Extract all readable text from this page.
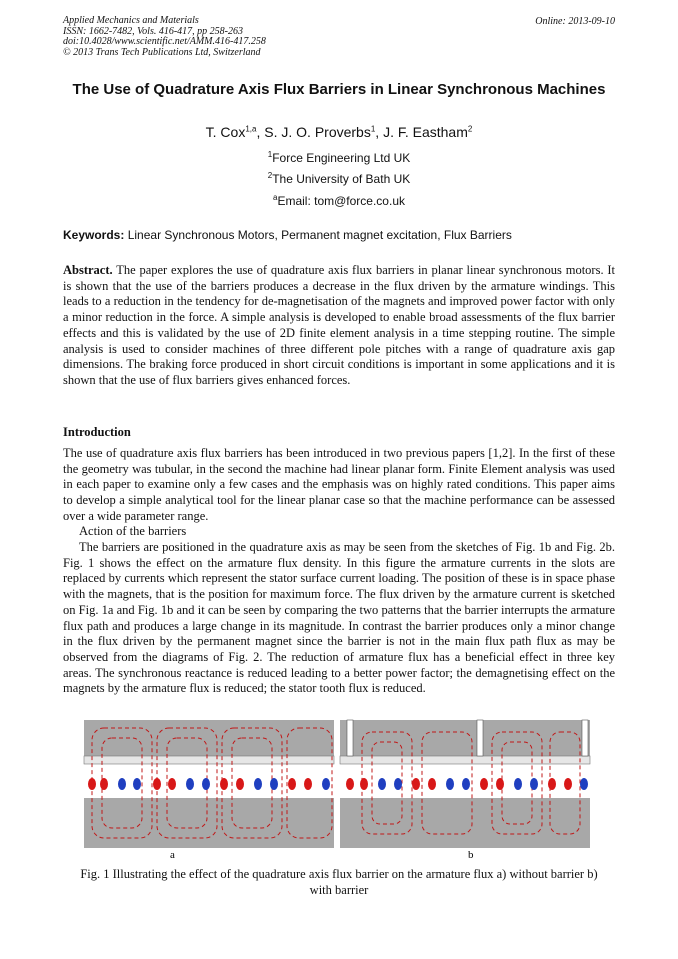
Applied Mechanics and Materials
ISSN: 1662-7482, Vols. 416-417, pp 258-263
doi:10.4028/www.scientific.net/AMM.416-417.258
© 2013 Trans Tech Publications Ltd, Switzerland
Online: 2013-09-10
The Use of Quadrature Axis Flux Barriers in Linear Synchronous Machines
T. Cox$^{1,a}$, S. J. O. Proverbs$^1$, J. F. Eastham$^2$
$^1$Force Engineering Ltd UK
$^2$The University of Bath UK
$^a$Email: tom@force.co.uk
Keywords: Linear Synchronous Motors, Permanent magnet excitation, Flux Barriers

Abstract. The paper explores the use of quadrature axis flux barriers in planar linear synchronous motors. It is shown that the use of the barriers produces a decrease in the flux driven by the armature windings. This leads to a reduction in the tendency for de-magnetisation of the magnets and improved power factor with only a minor reduction in the force. A simple analysis is developed to enable broad assessments of the flux barrier effects and this is validated by the use of 2D finite element analysis in a time stepping routine. The simple analysis is used to consider machines of three different pole pitches with a range of quadrature axis gap dimensions. The braking force produced in short circuit conditions is important in some applications and it is shown that the use of flux barriers gives enhanced forces.

Introduction

The use of quadrature axis flux barriers has been introduced in two previous papers [1,2]. In the first of these the geometry was tubular, in the second the machine had linear planar form. Finite Element analysis was used in each paper to examine only a few cases and the emphasis was on highly rated conditions. This paper aims to develop a simple analytical tool for the linear planar case so that the machine performance can be assessed over a wide parameter range.

Action of the barriers

The barriers are positioned in the quadrature axis as may be seen from the sketches of Fig. 1b and Fig. 2b. Fig. 1 shows the effect on the armature flux density. In this figure the armature currents in the slots are replaced by currents which represent the stator surface current loading. The position of these is in space phase with the magnets, that is the position for maximum force. The flux driven by the armature current is sketched on Fig. 1a and Fig. 1b and it can be seen by comparing the two patterns that the barrier interrupts the armature flux path and produces a large change in its magnitude. In contrast the barrier produces only a minor change in the flux driven by the permanent magnet since the barrier is not in the main flux path flux as may be observed from the diagrams of Fig. 2. The reduction of armature flux has a beneficial effect in three key areas. The synchronous reactance is reduced leading to a better power factor; the demagnetising effect on the magnets by the armature flux is reduced; the stator tooth flux is reduced.

a	b
Fig. 1 Illustrating the effect of the quadrature axis flux barrier on the armature flux a) without barrier b) with barrier
